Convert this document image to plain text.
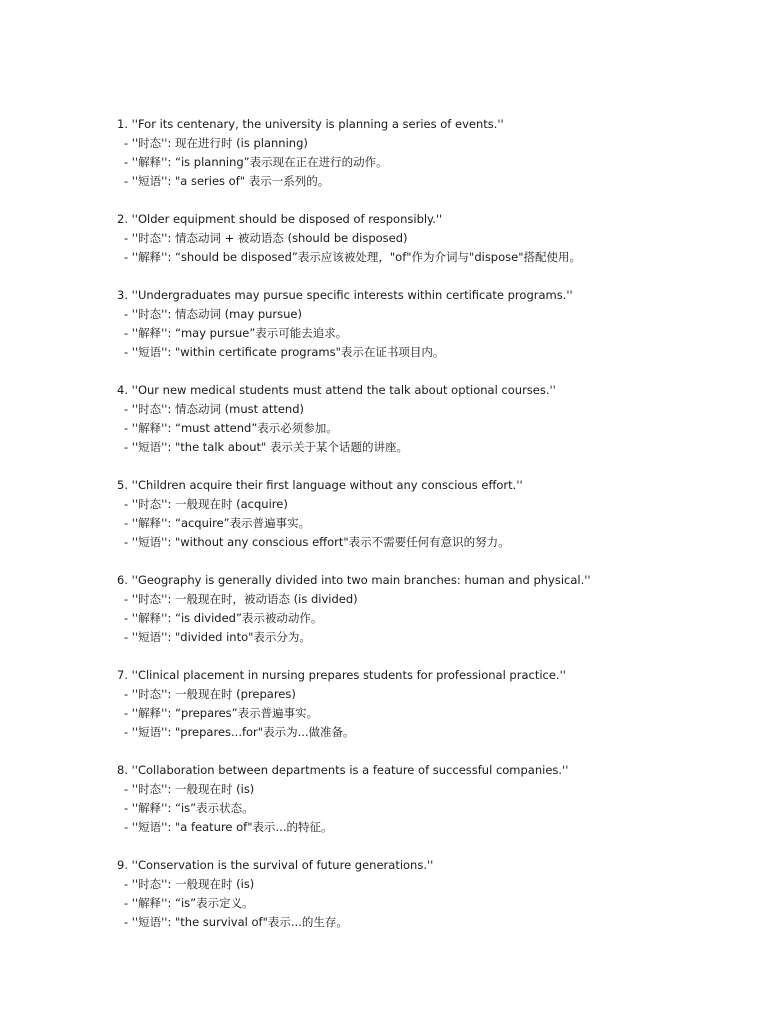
1. ''For its centenary, the university is planning a series of events.''
- ''时态'': 现在进行时 (is planning)
- ''解释'': “is planning”表示现在正在进行的动作。
- ''短语'': "a series of" 表示一系列的。
2. ''Older equipment should be disposed of responsibly.''
- ''时态'': 情态动词 + 被动语态 (should be disposed)
- ''解释'': “should be disposed”表示应该被处理，"of"作为介词与"dispose"搭配使用。
3. ''Undergraduates may pursue specific interests within certificate programs.''
- ''时态'': 情态动词 (may pursue)
- ''解释'': “may pursue”表示可能去追求。
- ''短语'': "within certificate programs"表示在证书项目内。
4. ''Our new medical students must attend the talk about optional courses.''
- ''时态'': 情态动词 (must attend)
- ''解释'': “must attend”表示必须参加。
- ''短语'': "the talk about" 表示关于某个话题的讲座。
5. ''Children acquire their first language without any conscious effort.''
- ''时态'': 一般现在时 (acquire)
- ''解释'': “acquire”表示普遍事实。
- ''短语'': "without any conscious effort"表示不需要任何有意识的努力。
6. ''Geography is generally divided into two main branches: human and physical.''
- ''时态'': 一般现在时，被动语态 (is divided)
- ''解释'': “is divided”表示被动动作。
- ''短语'': "divided into"表示分为。
7. ''Clinical placement in nursing prepares students for professional practice.''
- ''时态'': 一般现在时 (prepares)
- ''解释'': “prepares”表示普遍事实。
- ''短语'': "prepares...for"表示为...做准备。
8. ''Collaboration between departments is a feature of successful companies.''
- ''时态'': 一般现在时 (is)
- ''解释'': “is”表示状态。
- ''短语'': "a feature of"表示...的特征。
9. ''Conservation is the survival of future generations.''
- ''时态'': 一般现在时 (is)
- ''解释'': “is”表示定义。
- ''短语'': "the survival of"表示...的生存。
